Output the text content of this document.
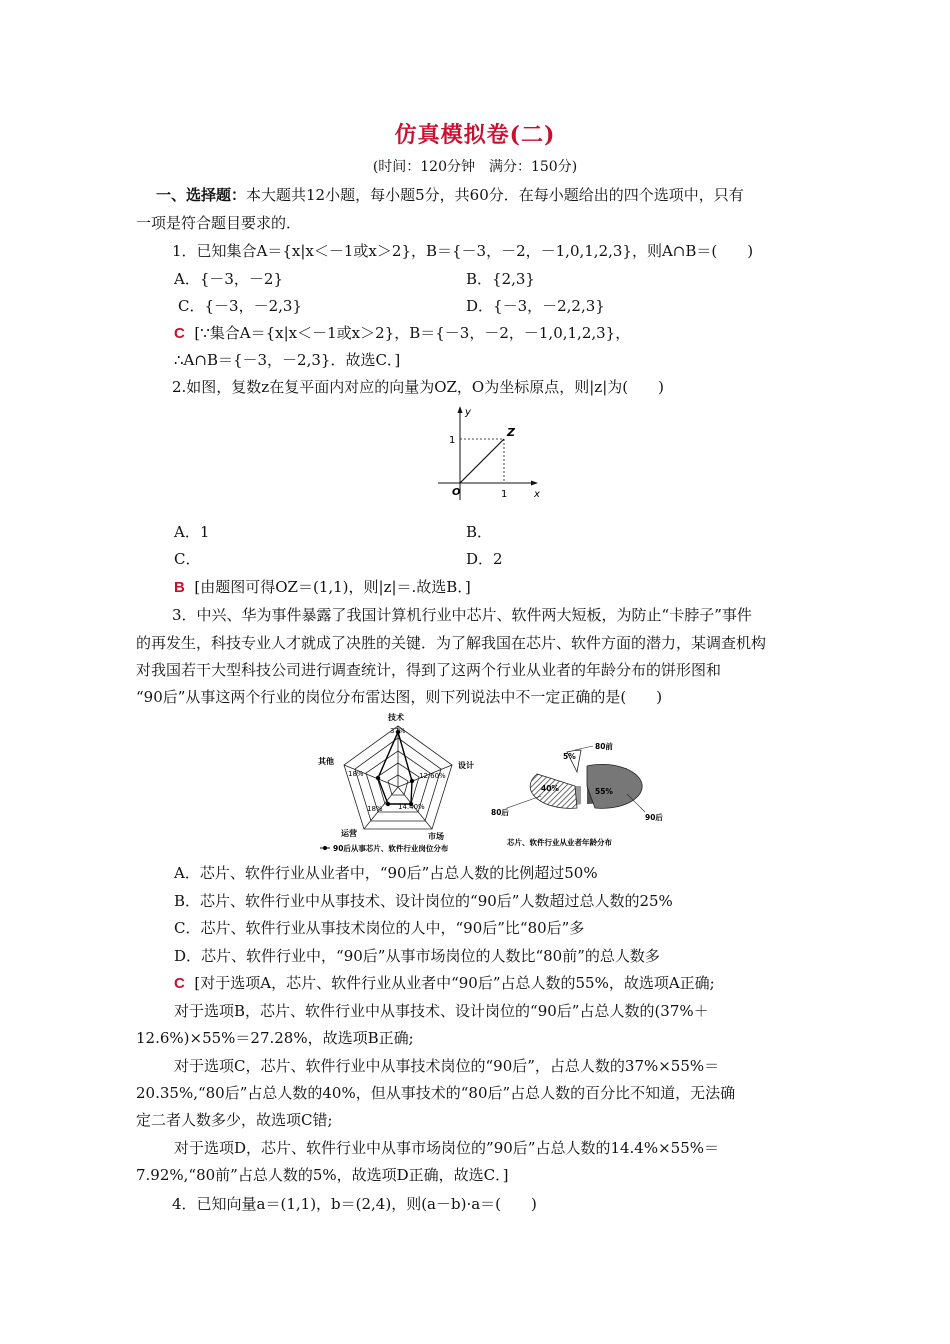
仿真模拟卷(二)
(时间：120分钟　满分：150分)
一、选择题：本大题共12小题，每小题5分，共60分．在每小题给出的四个选项中，只有
一项是符合题目要求的．
1．已知集合A＝{x|x＜－1或x＞2}，B＝{－3，－2，－1,0,1,2,3}，则A∩B＝(　　)
A．{－3，－2}	B．{2,3}
C．{－3，－2,3}	D．{－3，－2,2,3}
C [∵集合A＝{x|x＜－1或x＞2}，B＝{－3，－2，－1,0,1,2,3}，
∴A∩B＝{－3，－2,3}．故选C．]
2.如图，复数z在复平面内对应的向量为OZ，O为坐标原点，则|z|为(　　)
y
x
O
Z
1
1
A．1	B．
C．	D．2
B [由题图可得OZ＝(1,1)，则|z|＝.故选B．]
3．中兴、华为事件暴露了我国计算机行业中芯片、软件两大短板，为防止“卡脖子”事件
的再发生，科技专业人才就成了决胜的关键．为了解我国在芯片、软件方面的潜力，某调查机构
对我国若干大型科技公司进行调查统计，得到了这两个行业从业者的年龄分布的饼形图和
“90后”从事这两个行业的岗位分布雷达图，则下列说法中不一定正确的是(　　)
技术
37%
设计
12.60%
市场
14.40%
运营
18%
其他
18%
90后从事芯片、软件行业岗位分布
55%
40%
5%
80前
80后
90后
芯片、软件行业从业者年龄分布
A．芯片、软件行业从业者中，“90后”占总人数的比例超过50%
B．芯片、软件行业中从事技术、设计岗位的“90后”人数超过总人数的25%
C．芯片、软件行业从事技术岗位的人中，“90后”比“80后”多
D．芯片、软件行业中，“90后”从事市场岗位的人数比“80前”的总人数多
C [对于选项A，芯片、软件行业从业者中“90后”占总人数的55%，故选项A正确;
对于选项B，芯片、软件行业中从事技术、设计岗位的“90后”占总人数的(37%＋
12.6%)×55%＝27.28%，故选项B正确;
对于选项C，芯片、软件行业中从事技术岗位的“90后”，占总人数的37%×55%＝
20.35%,“80后”占总人数的40%，但从事技术的“80后”占总人数的百分比不知道，无法确
定二者人数多少，故选项C错;
对于选项D，芯片、软件行业中从事市场岗位的”90后”占总人数的14.4%×55%＝
7.92%,“80前”占总人数的5%，故选项D正确，故选C．]
4．已知向量a＝(1,1)，b＝(2,4)，则(a－b)·a＝(　　)
